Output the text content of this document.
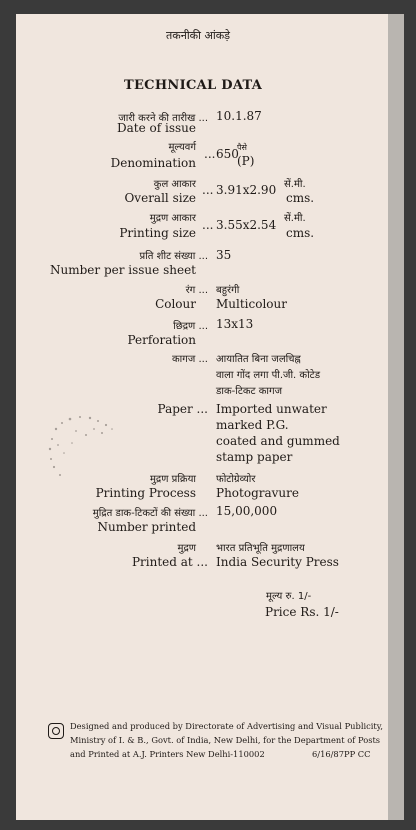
तकनीकी आंकड़े
TECHNICAL DATA
जारी करने की तारीख ... 10.1.87
Date of issue
मूल्यवर्ग ... 650
पैसे
Denomination	(P)
कुल आकार
Overall size
... 3.91x2.90 सें.मी.
cms.
मुद्रण आकार
Printing size
... 3.55x2.54 सें.मी.
cms.
प्रति शीट संख्या ... 35
Number per issue sheet
रंग ... बहुरंगी
Colour Multicolour
छिद्रण ... 13x13
Perforation
कागज ... आयातित बिना जलचिह्न
वाला गोंद लगा पी.जी. कोटेड
डाक-टिकट कागज
Paper ... Imported unwater
marked P.G.
coated and gummed
stamp paper
मुद्रण प्रक्रिया फोटोग्रेव्योर
Printing Process Photogravure
मुद्रित डाक-टिकटों की संख्या ... 15,00,000
Number printed
मुद्रण भारत प्रतिभूति मुद्रणालय
Printed at ... India Security Press
मूल्य रु. 1/-
Price Rs. 1/-
Designed and produced by Directorate of Advertising and Visual Publicity,
Ministry of I. & B., Govt. of India, New Delhi, for the Department of Posts
and Printed at A.J. Printers New Delhi-110002	6/16/87PP CC
